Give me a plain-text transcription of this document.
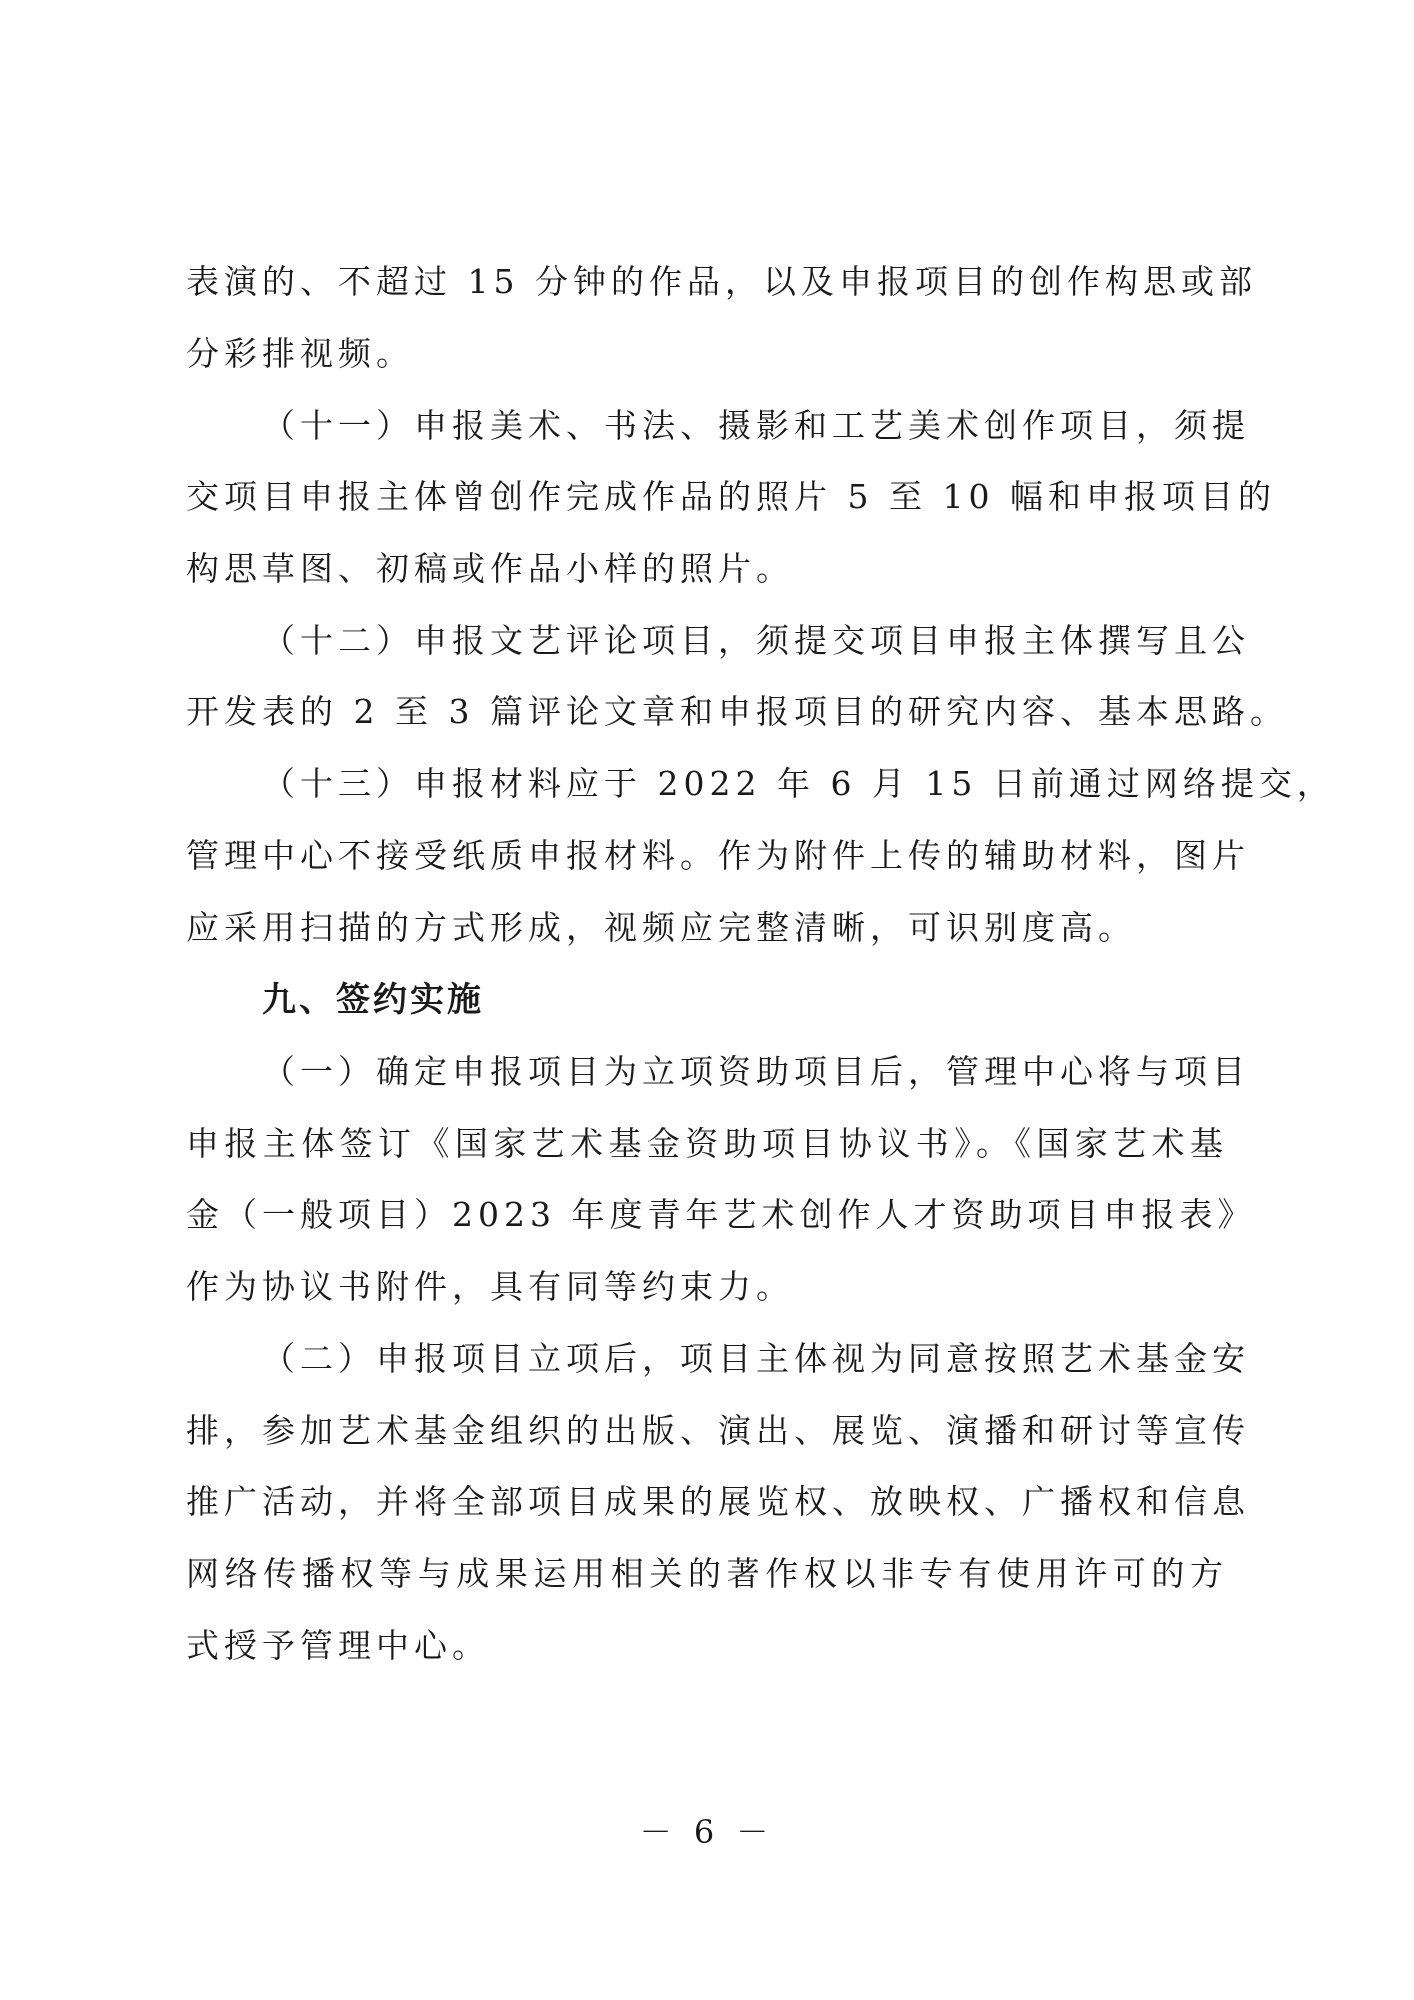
表演的、不超过 15 分钟的作品，以及申报项目的创作构思或部
分彩排视频。
（十一）申报美术、书法、摄影和工艺美术创作项目，须提
交项目申报主体曾创作完成作品的照片 5 至 10 幅和申报项目的
构思草图、初稿或作品小样的照片。
（十二）申报文艺评论项目，须提交项目申报主体撰写且公
开发表的 2 至 3 篇评论文章和申报项目的研究内容、基本思路。
（十三）申报材料应于 2022 年 6 月 15 日前通过网络提交，
管理中心不接受纸质申报材料。作为附件上传的辅助材料，图片
应采用扫描的方式形成，视频应完整清晰，可识别度高。
九、签约实施
（一）确定申报项目为立项资助项目后，管理中心将与项目
申报主体签订《国家艺术基金资助项目协议书》。《国家艺术基
金（一般项目）2023 年度青年艺术创作人才资助项目申报表》
作为协议书附件，具有同等约束力。
（二）申报项目立项后，项目主体视为同意按照艺术基金安
排，参加艺术基金组织的出版、演出、展览、演播和研讨等宣传
推广活动，并将全部项目成果的展览权、放映权、广播权和信息
网络传播权等与成果运用相关的著作权以非专有使用许可的方
式授予管理中心。
－ 6 －
